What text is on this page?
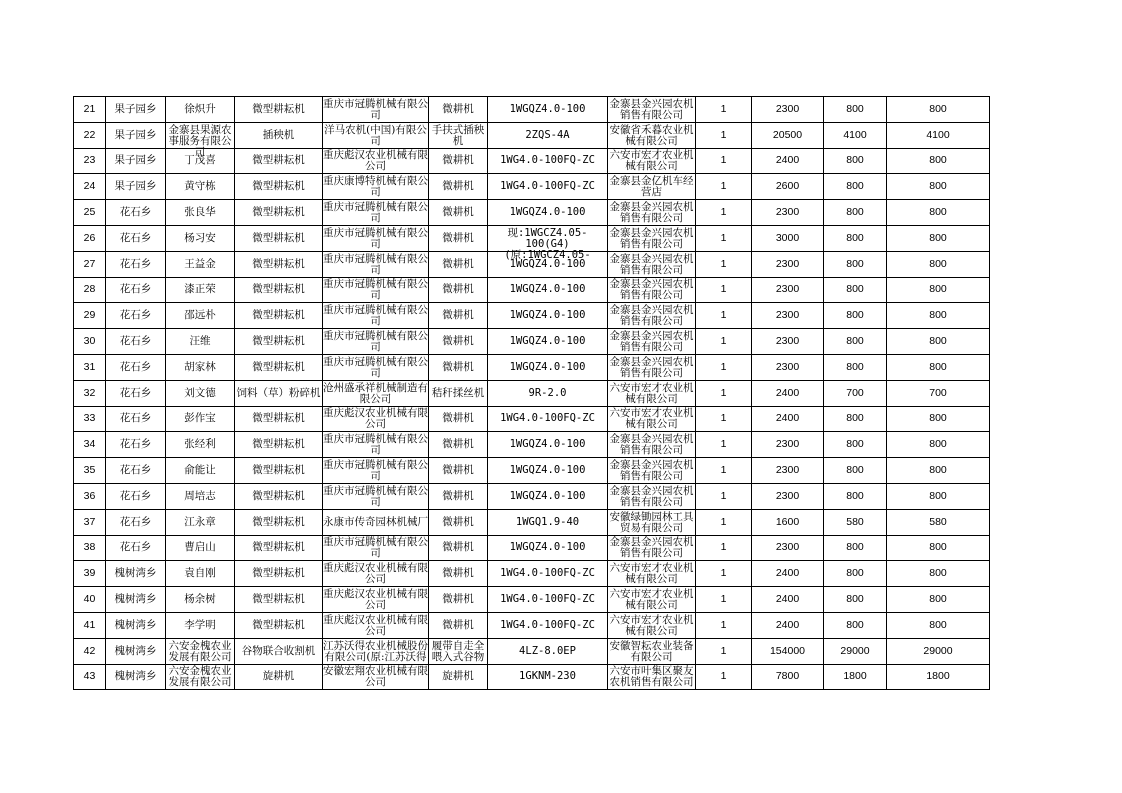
21	果子园乡	徐炽升	微型耕耘机	重庆市冠腾机械有限公司	微耕机	1WGQZ4.0-100	金寨县金兴园农机销售有限公司	1	2300	800	800

22	果子园乡	金寨县果源农事服务有限公司	插秧机	洋马农机(中国)有限公司	手扶式插秧机	2ZQS-4A	安徽省禾暮农业机械有限公司	1	20500	4100	4100

23	果子园乡	丁茂喜	微型耕耘机	重庆彪汉农业机械有限公司	微耕机	1WG4.0-100FQ-ZC	六安市宏才农业机械有限公司	1	2400	800	800

24	果子园乡	黄守栋	微型耕耘机	重庆康博特机械有限公司	微耕机	1WG4.0-100FQ-ZC	金寨县金亿机车经营店	1	2600	800	800

25	花石乡	张良华	微型耕耘机	重庆市冠腾机械有限公司	微耕机	1WGQZ4.0-100	金寨县金兴园农机销售有限公司	1	2300	800	800

26	花石乡	杨习安	微型耕耘机	重庆市冠腾机械有限公司	微耕机	现:1WGCZ4.05-100(G4)(原:1WGCZ4.05-	金寨县金兴园农机销售有限公司	1	3000	800	800

27	花石乡	王益金	微型耕耘机	重庆市冠腾机械有限公司	微耕机	1WGQZ4.0-100	金寨县金兴园农机销售有限公司	1	2300	800	800

28	花石乡	漆正荣	微型耕耘机	重庆市冠腾机械有限公司	微耕机	1WGQZ4.0-100	金寨县金兴园农机销售有限公司	1	2300	800	800

29	花石乡	邵远朴	微型耕耘机	重庆市冠腾机械有限公司	微耕机	1WGQZ4.0-100	金寨县金兴园农机销售有限公司	1	2300	800	800

30	花石乡	汪维	微型耕耘机	重庆市冠腾机械有限公司	微耕机	1WGQZ4.0-100	金寨县金兴园农机销售有限公司	1	2300	800	800

31	花石乡	胡家林	微型耕耘机	重庆市冠腾机械有限公司	微耕机	1WGQZ4.0-100	金寨县金兴园农机销售有限公司	1	2300	800	800

32	花石乡	刘文德	饲料（草）粉碎机	沧州盛承祥机械制造有限公司	秸秆揉丝机	9R-2.0	六安市宏才农业机械有限公司	1	2400	700	700

33	花石乡	彭作宝	微型耕耘机	重庆彪汉农业机械有限公司	微耕机	1WG4.0-100FQ-ZC	六安市宏才农业机械有限公司	1	2400	800	800

34	花石乡	张经利	微型耕耘机	重庆市冠腾机械有限公司	微耕机	1WGQZ4.0-100	金寨县金兴园农机销售有限公司	1	2300	800	800

35	花石乡	俞能让	微型耕耘机	重庆市冠腾机械有限公司	微耕机	1WGQZ4.0-100	金寨县金兴园农机销售有限公司	1	2300	800	800

36	花石乡	周培志	微型耕耘机	重庆市冠腾机械有限公司	微耕机	1WGQZ4.0-100	金寨县金兴园农机销售有限公司	1	2300	800	800

37	花石乡	江永章	微型耕耘机	永康市传奇园林机械厂	微耕机	1WGQ1.9-40	安徽绿锄园林工具贸易有限公司	1	1600	580	580

38	花石乡	曹启山	微型耕耘机	重庆市冠腾机械有限公司	微耕机	1WGQZ4.0-100	金寨县金兴园农机销售有限公司	1	2300	800	800

39	槐树湾乡	袁自刚	微型耕耘机	重庆彪汉农业机械有限公司	微耕机	1WG4.0-100FQ-ZC	六安市宏才农业机械有限公司	1	2400	800	800

40	槐树湾乡	杨余树	微型耕耘机	重庆彪汉农业机械有限公司	微耕机	1WG4.0-100FQ-ZC	六安市宏才农业机械有限公司	1	2400	800	800

41	槐树湾乡	李学明	微型耕耘机	重庆彪汉农业机械有限公司	微耕机	1WG4.0-100FQ-ZC	六安市宏才农业机械有限公司	1	2400	800	800

42	槐树湾乡	六安金槐农业发展有限公司	谷物联合收割机	江苏沃得农业机械股份有限公司(原:江苏沃得	履带自走全喂入式谷物	4LZ-8.0EP	安徽智耘农业装备有限公司	1	154000	29000	29000

43	槐树湾乡	六安金槐农业发展有限公司	旋耕机	安徽宏翔农业机械有限公司	旋耕机	1GKNM-230	六安市叶集区聚友农机销售有限公司	1	7800	1800	1800
